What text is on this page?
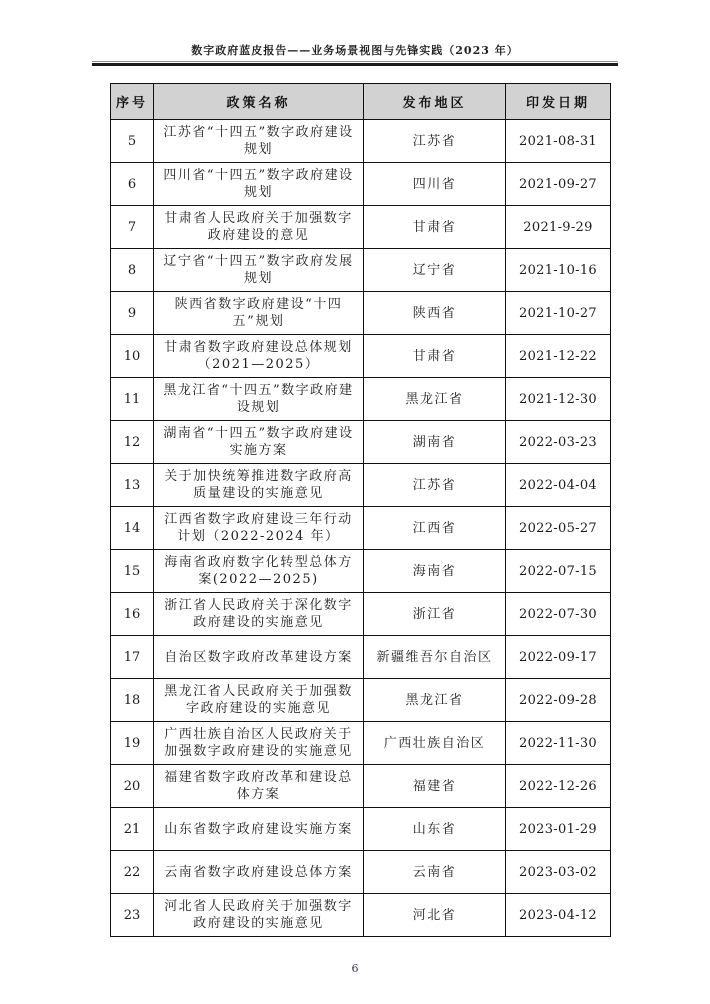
数字政府蓝皮报告——业务场景视图与先锋实践（2023 年）
序号	政策名称	发布地区	印发日期
5	江苏省“十四五”数字政府建设规划	江苏省	2021-08-31
6	四川省“十四五”数字政府建设规划	四川省	2021-09-27
7	甘肃省人民政府关于加强数字政府建设的意见	甘肃省	2021-9-29
8	辽宁省“十四五”数字政府发展规划	辽宁省	2021-10-16
9	陕西省数字政府建设“十四五”规划	陕西省	2021-10-27
10	甘肃省数字政府建设总体规划（2021—2025）	甘肃省	2021-12-22
11	黑龙江省“十四五”数字政府建设规划	黑龙江省	2021-12-30
12	湖南省“十四五”数字政府建设实施方案	湖南省	2022-03-23
13	关于加快统筹推进数字政府高质量建设的实施意见	江苏省	2022-04-04
14	江西省数字政府建设三年行动计划（2022-2024 年）	江西省	2022-05-27
15	海南省政府数字化转型总体方案(2022—2025)	海南省	2022-07-15
16	浙江省人民政府关于深化数字政府建设的实施意见	浙江省	2022-07-30
17	自治区数字政府改革建设方案	新疆维吾尔自治区	2022-09-17
18	黑龙江省人民政府关于加强数字政府建设的实施意见	黑龙江省	2022-09-28
19	广西壮族自治区人民政府关于加强数字政府建设的实施意见	广西壮族自治区	2022-11-30
20	福建省数字政府改革和建设总体方案	福建省	2022-12-26
21	山东省数字政府建设实施方案	山东省	2023-01-29
22	云南省数字政府建设总体方案	云南省	2023-03-02
23	河北省人民政府关于加强数字政府建设的实施意见	河北省	2023-04-12
6
